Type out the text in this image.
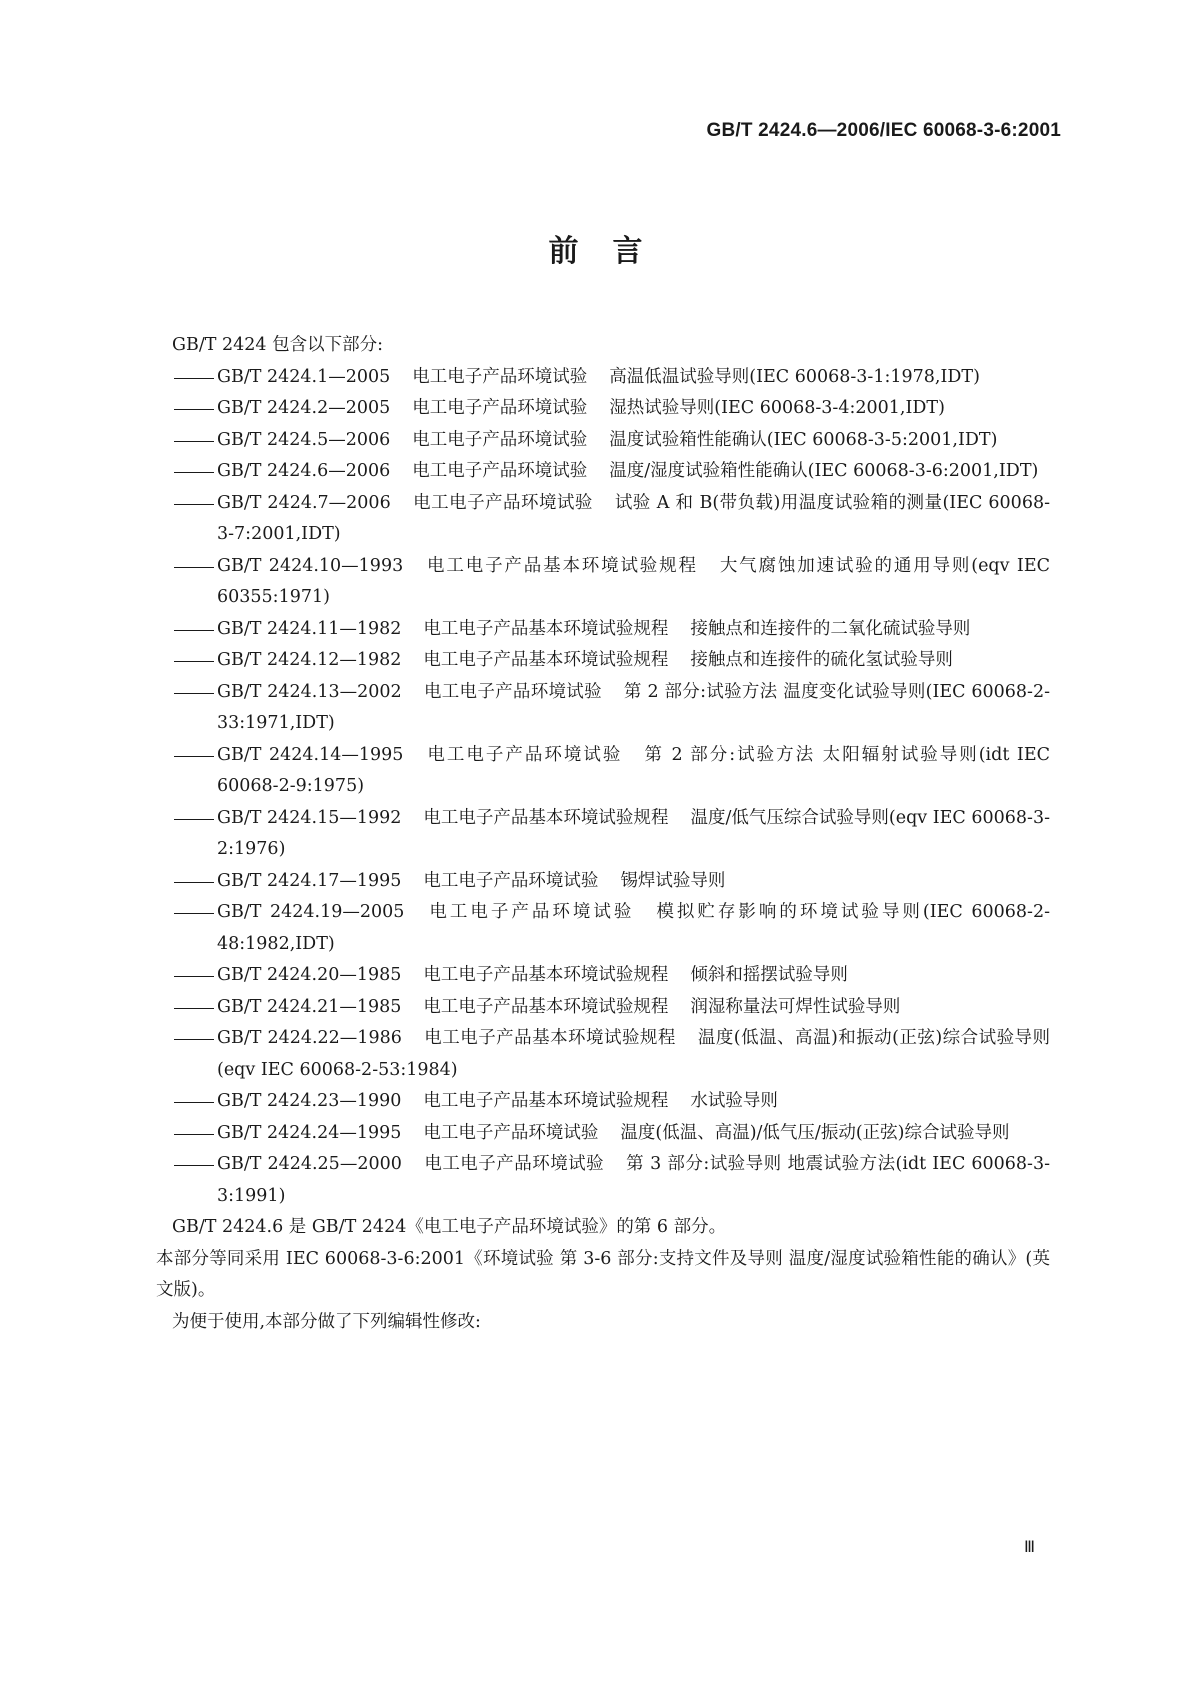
GB/T 2424.6—2006/IEC 60068-3-6:2001
前言
GB/T 2424 包含以下部分:
GB/T 2424.1—2005 电工电子产品环境试验 高温低温试验导则(IEC 60068-3-1:1978,IDT)
GB/T 2424.2—2005 电工电子产品环境试验 湿热试验导则(IEC 60068-3-4:2001,IDT)
GB/T 2424.5—2006 电工电子产品环境试验 温度试验箱性能确认(IEC 60068-3-5:2001,IDT)
GB/T 2424.6—2006 电工电子产品环境试验 温度/湿度试验箱性能确认(IEC 60068-3-6:2001,IDT)
GB/T 2424.7—2006 电工电子产品环境试验 试验 A 和 B(带负载)用温度试验箱的测量(IEC 60068-3-7:2001,IDT)
GB/T 2424.10—1993 电工电子产品基本环境试验规程 大气腐蚀加速试验的通用导则(eqv IEC 60355:1971)
GB/T 2424.11—1982 电工电子产品基本环境试验规程 接触点和连接件的二氧化硫试验导则
GB/T 2424.12—1982 电工电子产品基本环境试验规程 接触点和连接件的硫化氢试验导则
GB/T 2424.13—2002 电工电子产品环境试验 第 2 部分:试验方法 温度变化试验导则(IEC 60068-2-33:1971,IDT)
GB/T 2424.14—1995 电工电子产品环境试验 第 2 部分:试验方法 太阳辐射试验导则(idt IEC 60068-2-9:1975)
GB/T 2424.15—1992 电工电子产品基本环境试验规程 温度/低气压综合试验导则(eqv IEC 60068-3-2:1976)
GB/T 2424.17—1995 电工电子产品环境试验 锡焊试验导则
GB/T 2424.19—2005 电工电子产品环境试验 模拟贮存影响的环境试验导则(IEC 60068-2-48:1982,IDT)
GB/T 2424.20—1985 电工电子产品基本环境试验规程 倾斜和摇摆试验导则
GB/T 2424.21—1985 电工电子产品基本环境试验规程 润湿称量法可焊性试验导则
GB/T 2424.22—1986 电工电子产品基本环境试验规程 温度(低温、高温)和振动(正弦)综合试验导则(eqv IEC 60068-2-53:1984)
GB/T 2424.23—1990 电工电子产品基本环境试验规程 水试验导则
GB/T 2424.24—1995 电工电子产品环境试验 温度(低温、高温)/低气压/振动(正弦)综合试验导则
GB/T 2424.25—2000 电工电子产品环境试验 第 3 部分:试验导则 地震试验方法(idt IEC 60068-3-3:1991)
GB/T 2424.6 是 GB/T 2424《电工电子产品环境试验》的第 6 部分。
本部分等同采用 IEC 60068-3-6:2001《环境试验 第 3-6 部分:支持文件及导则 温度/湿度试验箱性能的确认》(英文版)。
为便于使用,本部分做了下列编辑性修改:
Ⅲ
